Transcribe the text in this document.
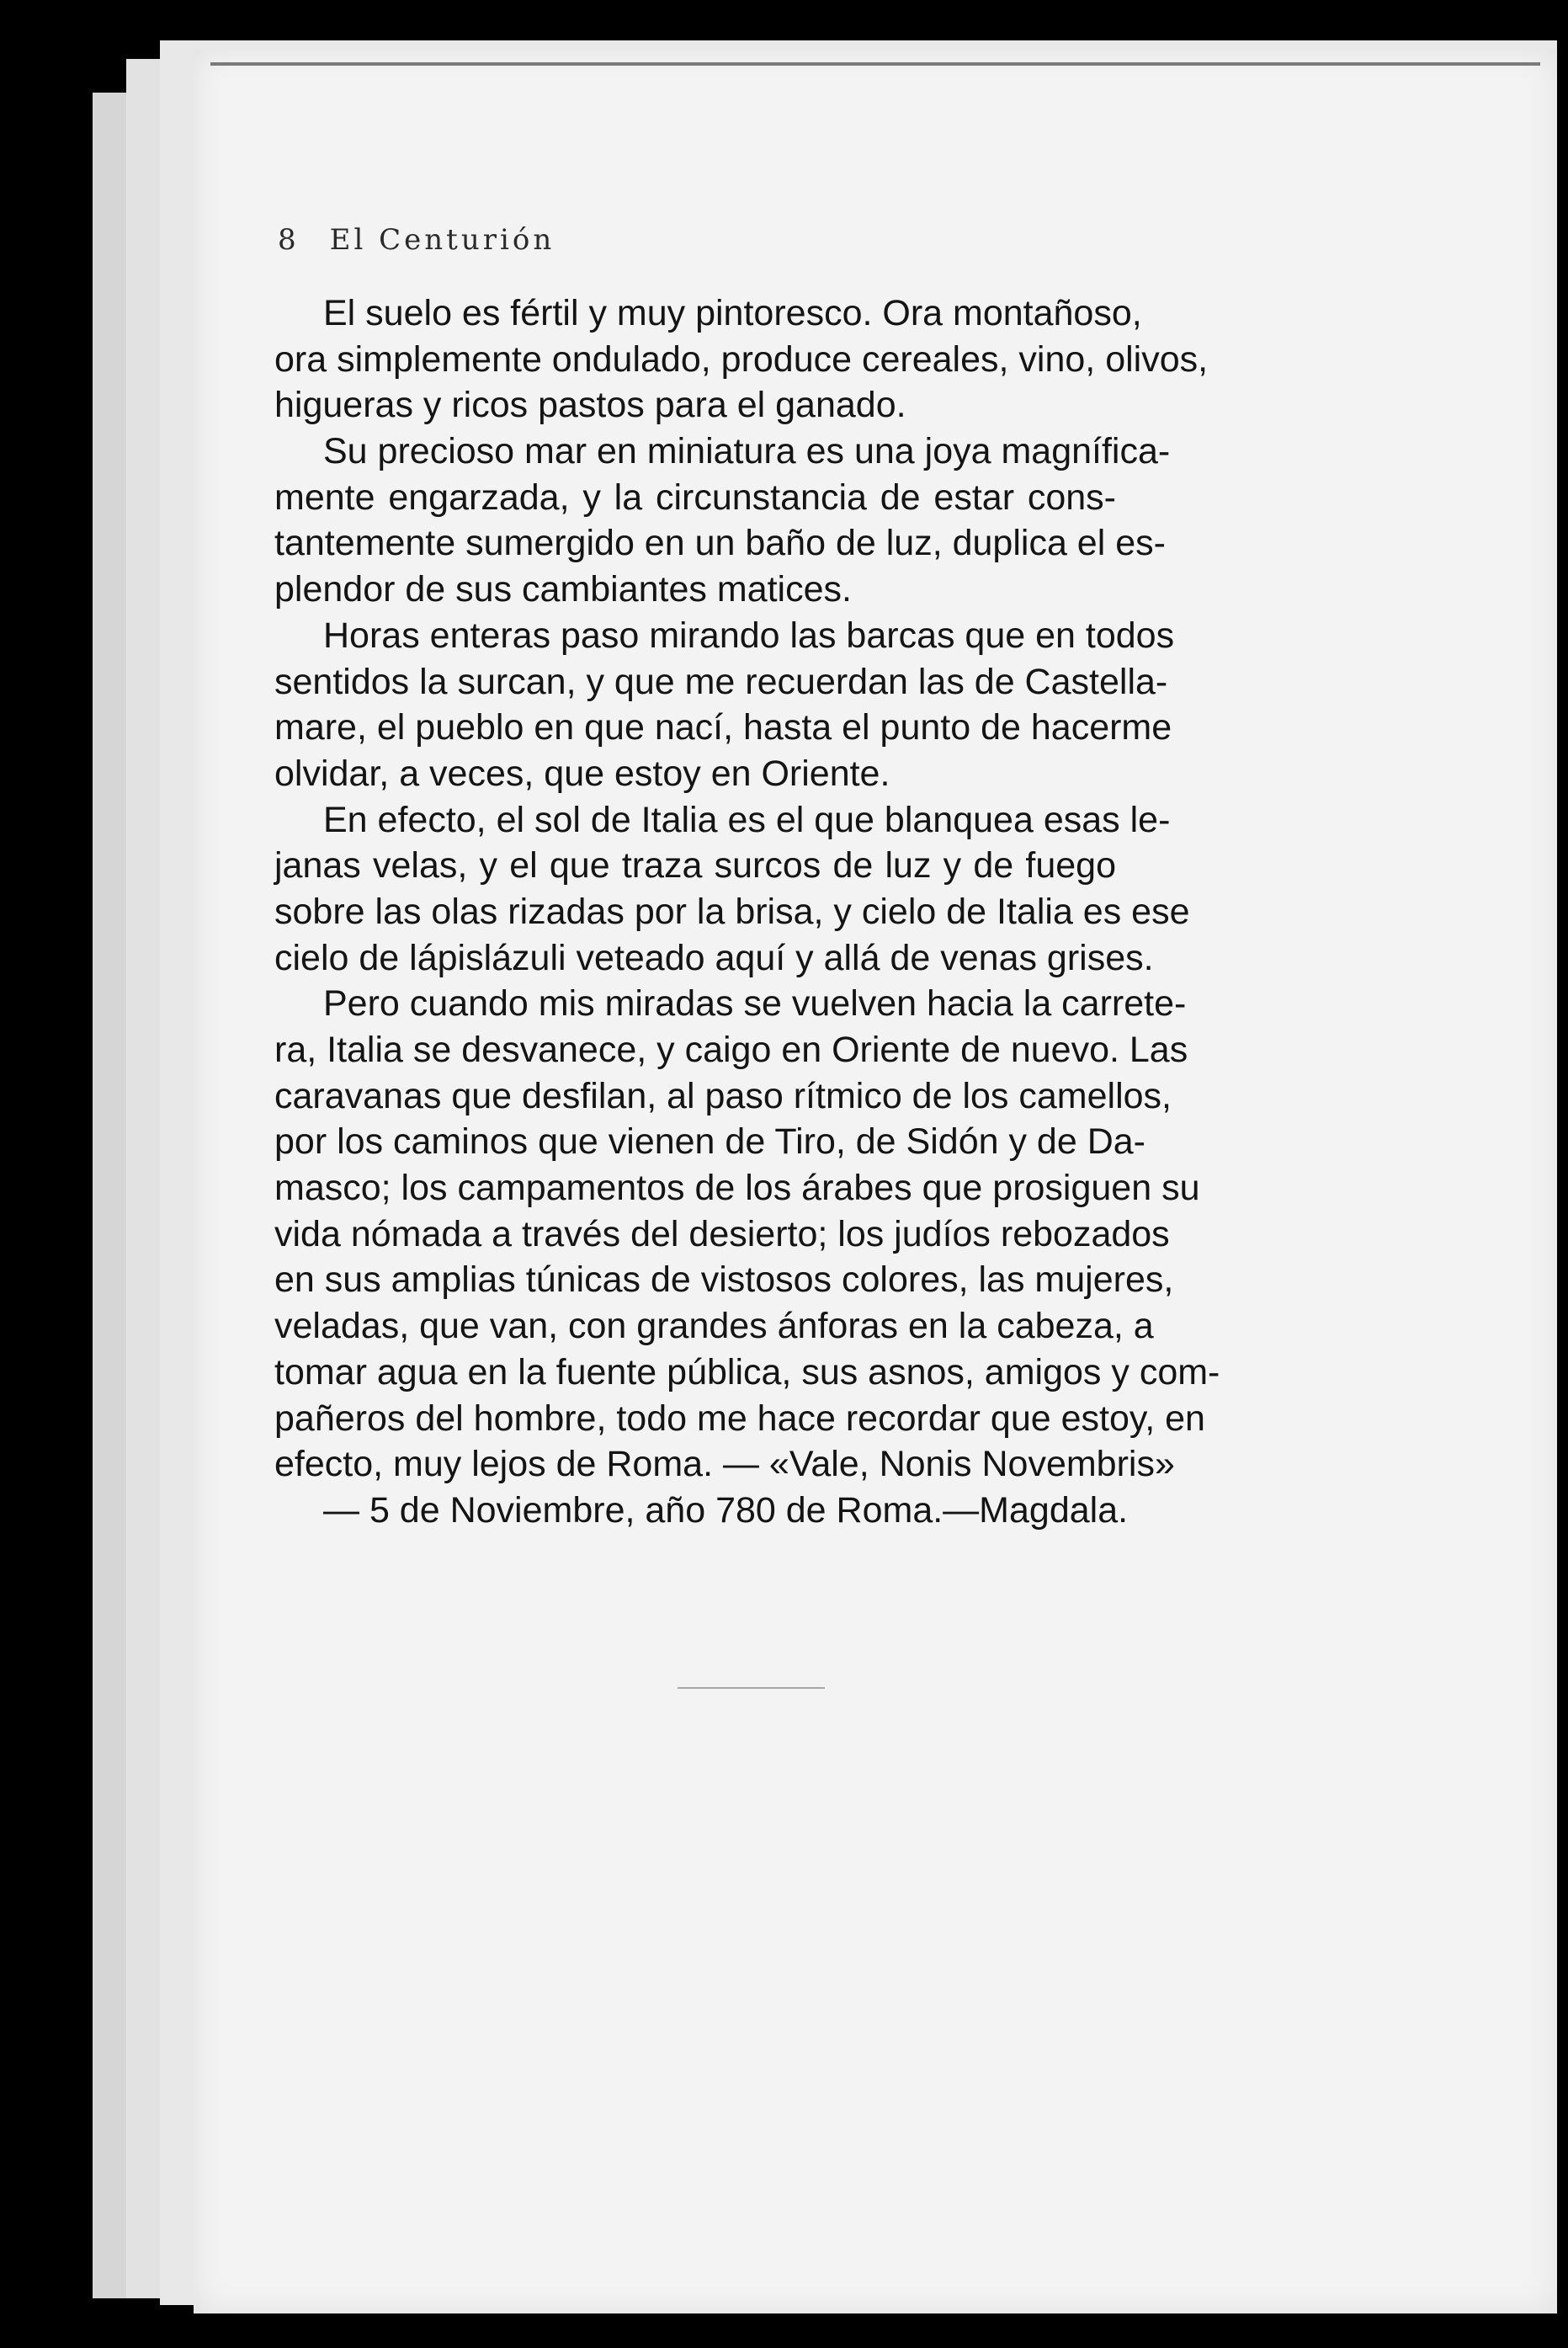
8 El Centurión
El suelo es fértil y muy pintoresco. Ora montañoso,
ora simplemente ondulado, produce cereales, vino, olivos,
higueras y ricos pastos para el ganado.
Su precioso mar en miniatura es una joya magnífica-
mente engarzada, y la circunstancia de estar cons-
tantemente sumergido en un baño de luz, duplica el es-
plendor de sus cambiantes matices.
Horas enteras paso mirando las barcas que en todos
sentidos la surcan, y que me recuerdan las de Castella-
mare, el pueblo en que nací, hasta el punto de hacerme
olvidar, a veces, que estoy en Oriente.
En efecto, el sol de Italia es el que blanquea esas le-
janas velas, y el que traza surcos de luz y de fuego
sobre las olas rizadas por la brisa, y cielo de Italia es ese
cielo de lápislázuli veteado aquí y allá de venas grises.
Pero cuando mis miradas se vuelven hacia la carrete-
ra, Italia se desvanece, y caigo en Oriente de nuevo. Las
caravanas que desfilan, al paso rítmico de los camellos,
por los caminos que vienen de Tiro, de Sidón y de Da-
masco; los campamentos de los árabes que prosiguen su
vida nómada a través del desierto; los judíos rebozados
en sus amplias túnicas de vistosos colores, las mujeres,
veladas, que van, con grandes ánforas en la cabeza, a
tomar agua en la fuente pública, sus asnos, amigos y com-
pañeros del hombre, todo me hace recordar que estoy, en
efecto, muy lejos de Roma. — «Vale, Nonis Novembris»
— 5 de Noviembre, año 780 de Roma.—Magdala.
